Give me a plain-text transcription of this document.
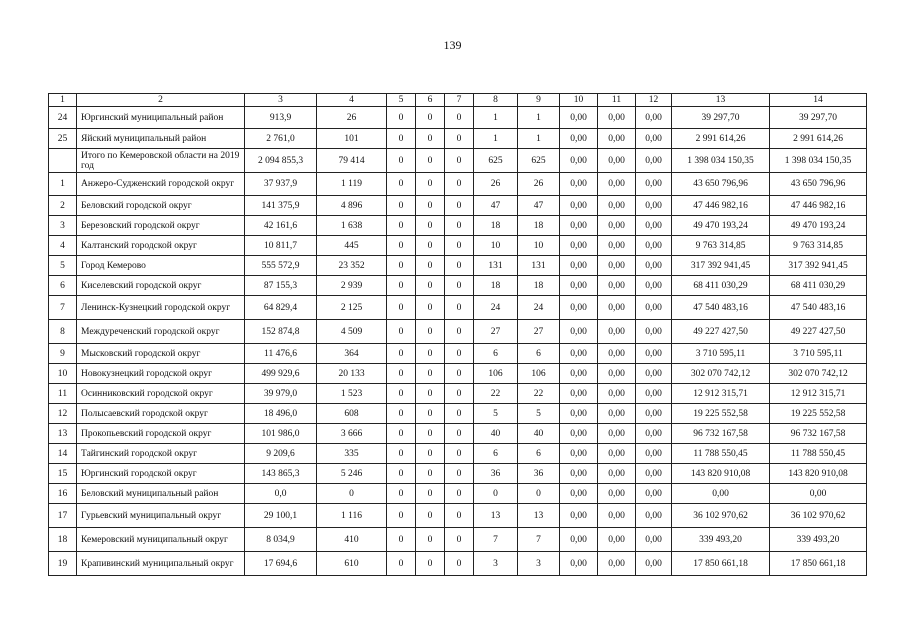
139
1	2	3	4	5	6	7	8	9	10	11	12	13	14
24	Юргинский муниципальный район	913,9	26	0	0	0	1	1	0,00	0,00	0,00	39 297,70	39 297,70
25	Яйский муниципальный район	2 761,0	101	0	0	0	1	1	0,00	0,00	0,00	2 991 614,26	2 991 614,26
	Итого по Кемеровской области на 2019 год	2 094 855,3	79 414	0	0	0	625	625	0,00	0,00	0,00	1 398 034 150,35	1 398 034 150,35
1	Анжеро-Судженский городской округ	37 937,9	1 119	0	0	0	26	26	0,00	0,00	0,00	43 650 796,96	43 650 796,96
2	Беловский городской округ	141 375,9	4 896	0	0	0	47	47	0,00	0,00	0,00	47 446 982,16	47 446 982,16
3	Березовский городской округ	42 161,6	1 638	0	0	0	18	18	0,00	0,00	0,00	49 470 193,24	49 470 193,24
4	Калтанский городской округ	10 811,7	445	0	0	0	10	10	0,00	0,00	0,00	9 763 314,85	9 763 314,85
5	Город Кемерово	555 572,9	23 352	0	0	0	131	131	0,00	0,00	0,00	317 392 941,45	317 392 941,45
6	Киселевский городской округ	87 155,3	2 939	0	0	0	18	18	0,00	0,00	0,00	68 411 030,29	68 411 030,29
7	Ленинск-Кузнецкий городской округ	64 829,4	2 125	0	0	0	24	24	0,00	0,00	0,00	47 540 483,16	47 540 483,16
8	Междуреченский городской округ	152 874,8	4 509	0	0	0	27	27	0,00	0,00	0,00	49 227 427,50	49 227 427,50
9	Мысковский городской округ	11 476,6	364	0	0	0	6	6	0,00	0,00	0,00	3 710 595,11	3 710 595,11
10	Новокузнецкий городской округ	499 929,6	20 133	0	0	0	106	106	0,00	0,00	0,00	302 070 742,12	302 070 742,12
11	Осинниковский городской округ	39 979,0	1 523	0	0	0	22	22	0,00	0,00	0,00	12 912 315,71	12 912 315,71
12	Полысаевский городской округ	18 496,0	608	0	0	0	5	5	0,00	0,00	0,00	19 225 552,58	19 225 552,58
13	Прокопьевский городской округ	101 986,0	3 666	0	0	0	40	40	0,00	0,00	0,00	96 732 167,58	96 732 167,58
14	Тайгинский городской округ	9 209,6	335	0	0	0	6	6	0,00	0,00	0,00	11 788 550,45	11 788 550,45
15	Юргинский городской округ	143 865,3	5 246	0	0	0	36	36	0,00	0,00	0,00	143 820 910,08	143 820 910,08
16	Беловский муниципальный район	0,0	0	0	0	0	0	0	0,00	0,00	0,00	0,00	0,00
17	Гурьевский муниципальный округ	29 100,1	1 116	0	0	0	13	13	0,00	0,00	0,00	36 102 970,62	36 102 970,62
18	Кемеровский муниципальный округ	8 034,9	410	0	0	0	7	7	0,00	0,00	0,00	339 493,20	339 493,20
19	Крапивинский муниципальный округ	17 694,6	610	0	0	0	3	3	0,00	0,00	0,00	17 850 661,18	17 850 661,18
